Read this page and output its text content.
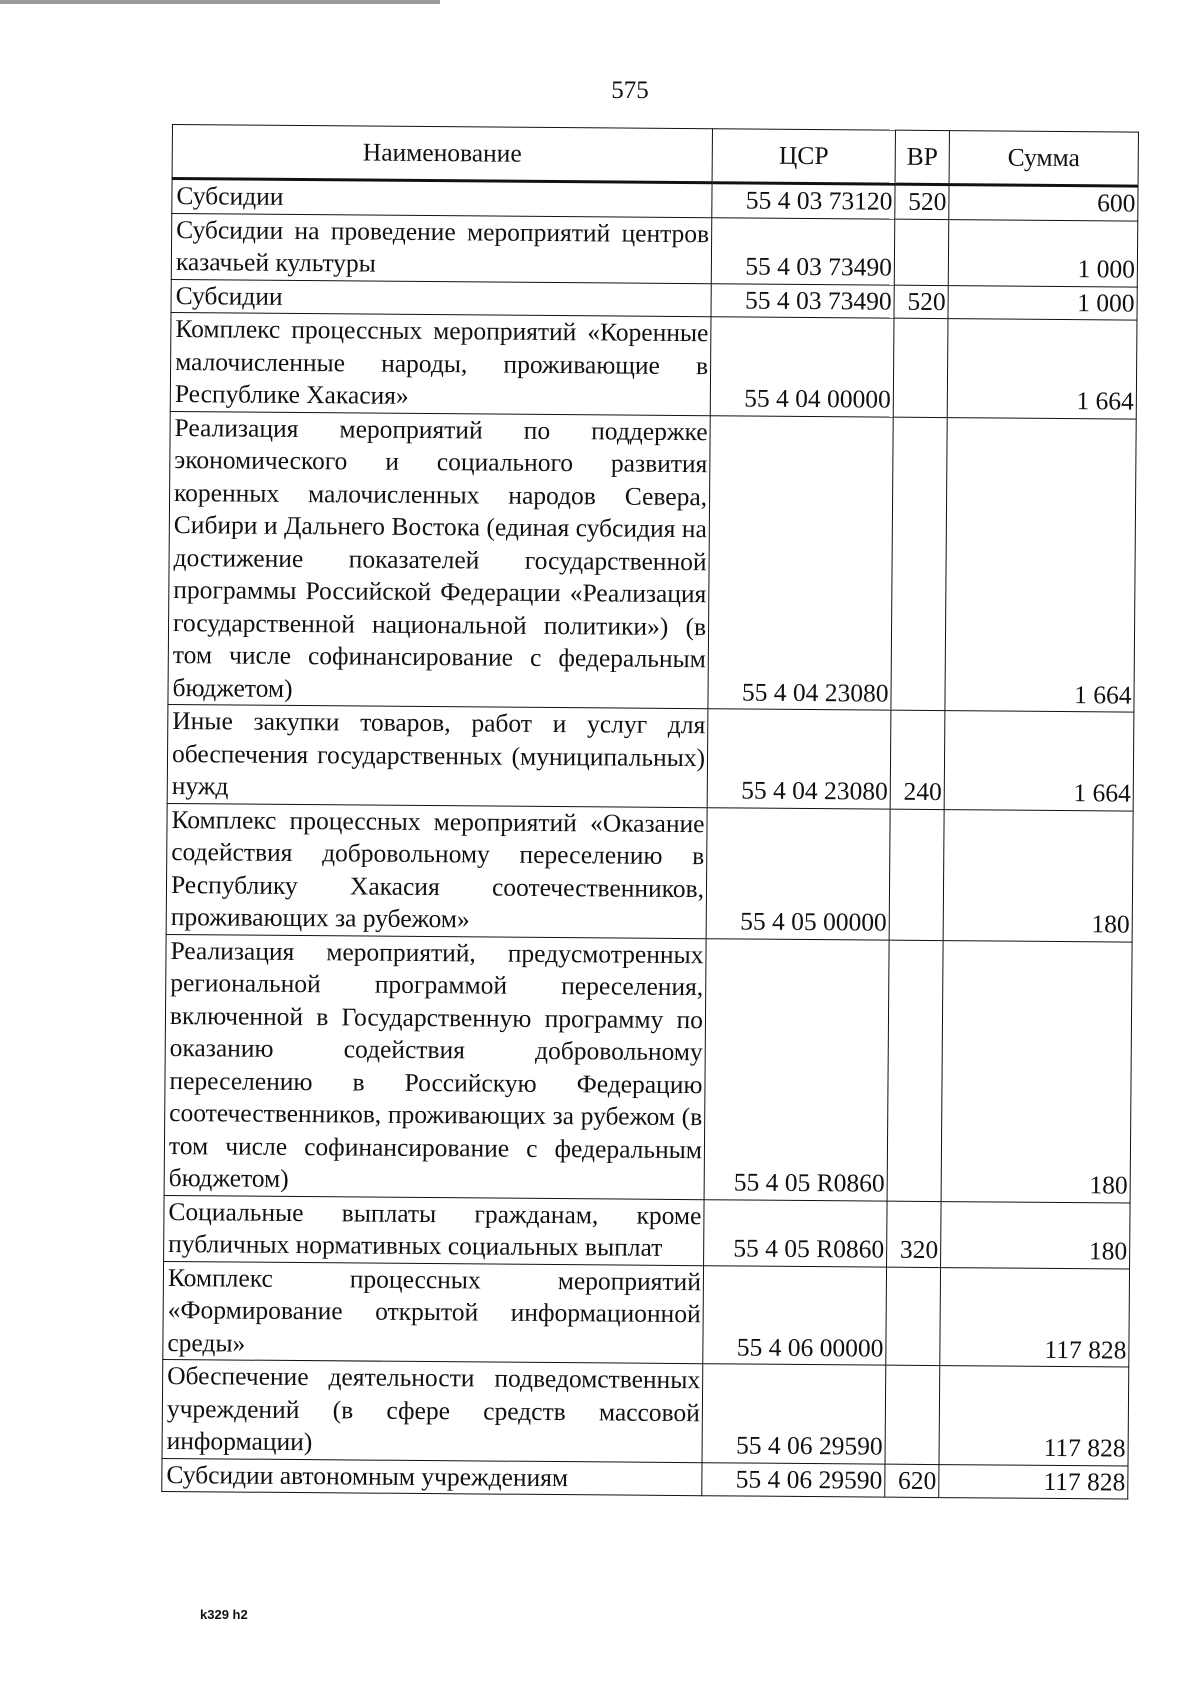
575
Наименование	ЦСР	ВР	Сумма
Субсидии	55 4 03 73120	520	600
Субсидии на проведение мероприятий центров казачьей культуры	55 4 03 73490		1 000
Субсидии	55 4 03 73490	520	1 000
Комплекс процессных мероприятий «Коренные малочисленные народы, проживающие в Республике Хакасия»	55 4 04 00000		1 664
Реализация мероприятий по поддержке экономического и социального развития коренных малочисленных народов Севера, Сибири и Дальнего Востока (единая субсидия на достижение показателей государственной программы Российской Федерации «Реализация государственной национальной политики») (в том числе софинансирование с федеральным бюджетом)	55 4 04 23080		1 664
Иные закупки товаров, работ и услуг для обеспечения государственных (муниципальных) нужд	55 4 04 23080	240	1 664
Комплекс процессных мероприятий «Оказание содействия добровольному переселению в Республику Хакасия соотечественников, проживающих за рубежом»	55 4 05 00000		180
Реализация мероприятий, предусмотренных региональной программой переселения, включенной в Государственную программу по оказанию содействия добровольному переселению в Российскую Федерацию соотечественников, проживающих за рубежом (в том числе софинансирование с федеральным бюджетом)	55 4 05 R0860		180
Социальные выплаты гражданам, кроме публичных нормативных социальных выплат	55 4 05 R0860	320	180
Комплекс процессных мероприятий «Формирование открытой информационной среды»	55 4 06 00000		117 828
Обеспечение деятельности подведомственных учреждений (в сфере средств массовой информации)	55 4 06 29590		117 828
Субсидии автономным учреждениям	55 4 06 29590	620	117 828
k329 h2
